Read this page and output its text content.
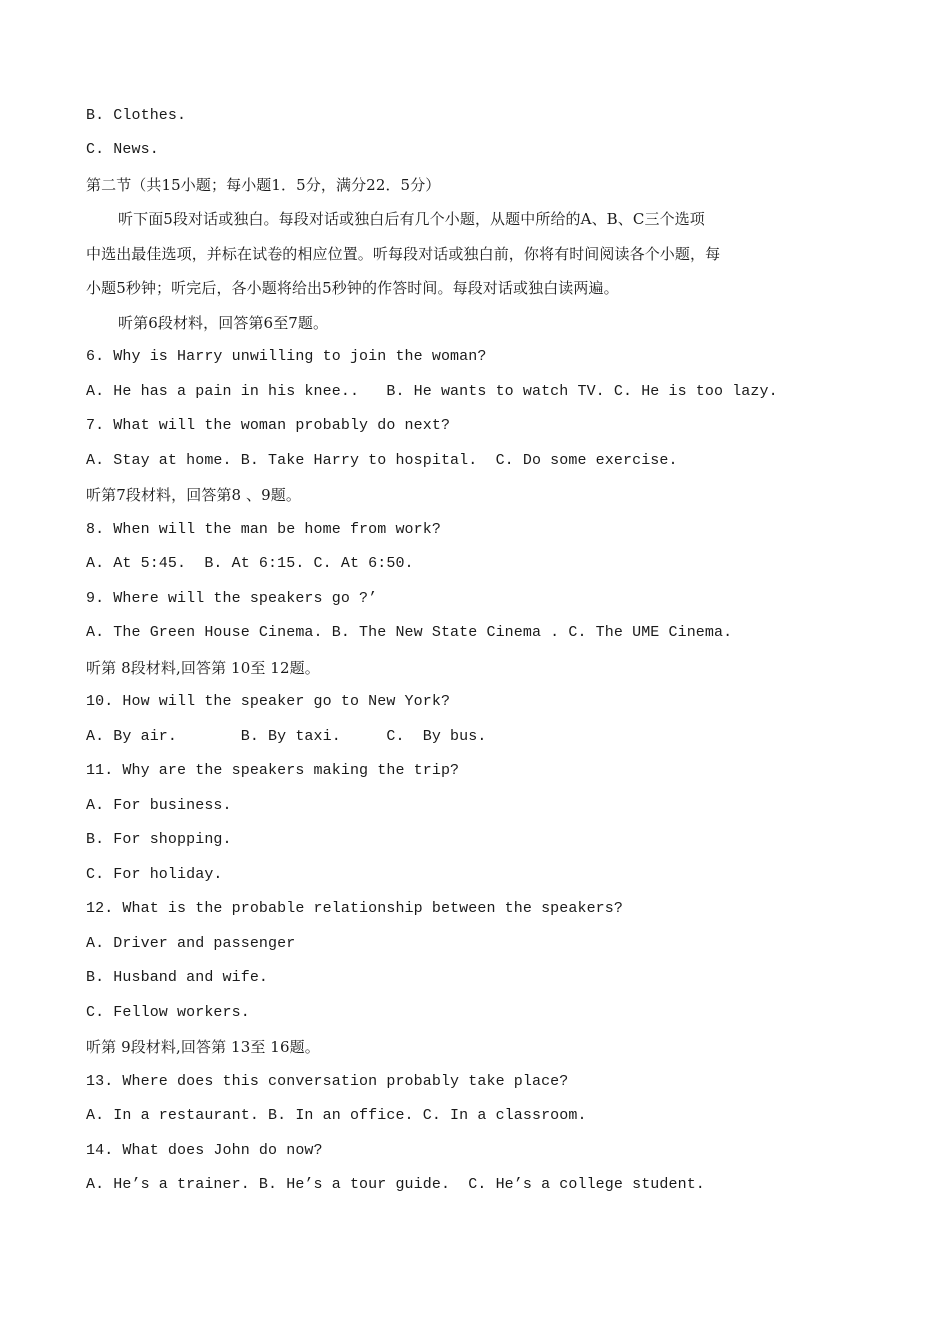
B. Clothes.
C. News.
第二节（共15小题；每小题1．5分，满分22．5分）
听下面5段对话或独白。每段对话或独白后有几个小题，从题中所给的A、B、C三个选项
中选出最佳选项，并标在试卷的相应位置。听每段对话或独白前，你将有时间阅读各个小题，每
小题5秒钟；听完后，各小题将给出5秒钟的作答时间。每段对话或独白读两遍。
听第6段材料，回答第6至7题。
6. Why is Harry unwilling to join the woman?
A. He has a pain in his knee..   B. He wants to watch TV. C. He is too lazy.
7. What will the woman probably do next?
A. Stay at home. B. Take Harry to hospital.  C. Do some exercise.
听第7段材料，回答第8 、9题。
8. When will the man be home from work?
A. At 5:45.  B. At 6:15. C. At 6:50.
9. Where will the speakers go ?’
A. The Green House Cinema. B. The New State Cinema . C. The UME Cinema.
听第 8段材料,回答第 10至 12题。
10. How will the speaker go to New York?
A. By air.       B. By taxi.     C.  By bus.
11. Why are the speakers making the trip?
A. For business.
B. For shopping.
C. For holiday.
12. What is the probable relationship between the speakers?
A. Driver and passenger
B. Husband and wife.
C. Fellow workers.
听第 9段材料,回答第 13至 16题。
13. Where does this conversation probably take place?
A. In a restaurant. B. In an office. C. In a classroom.
14. What does John do now?
A. He’s a trainer. B. He’s a tour guide.  C. He’s a college student.
